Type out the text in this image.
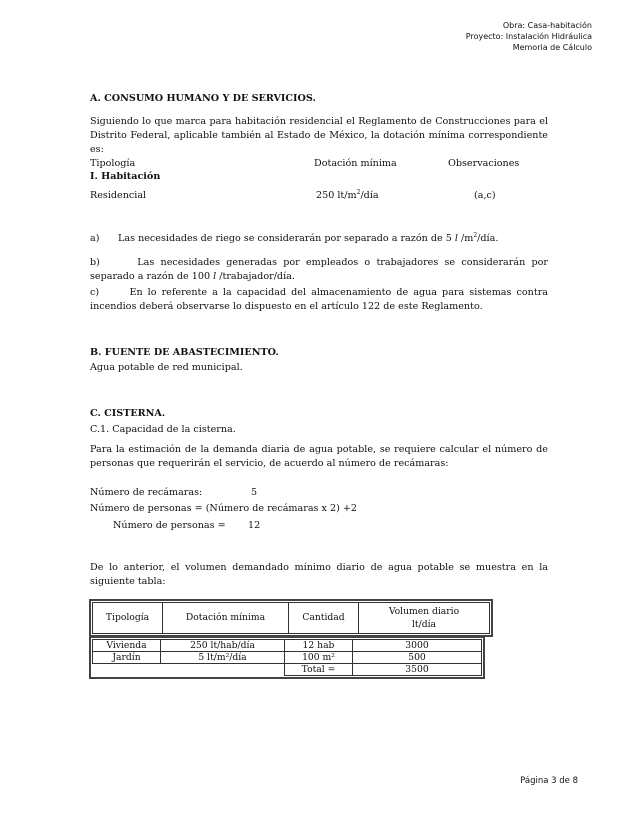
Obra: Casa-habitación
Proyecto: Instalación Hidráulica
Memoria de Cálculo
A. CONSUMO HUMANO Y DE SERVICIOS.
Siguiendo lo que marca para habitación residencial el Reglamento de Construcciones para el Distrito Federal, aplicable también al Estado de México, la dotación mínima correspondiente es:
Tipología	Dotación mínima	Observaciones
I. Habitación
Residencial	250 $lt/m^2$/día	(a,c)
a) Las necesidades de riego se considerarán por separado a razón de 5 l $/m^2$/día.
b)	Las necesidades generadas por empleados o trabajadores se considerarán por separado a razón de 100 l /trabajador/día.
c)	En lo referente a la capacidad del almacenamiento de agua para sistemas contra incendios deberá observarse lo dispuesto en el artículo 122 de este Reglamento.
B. FUENTE DE ABASTECIMIENTO.
Agua potable de red municipal.
C. CISTERNA.
C.1. Capacidad de la cisterna.
Para la estimación de la demanda diaria de agua potable, se requiere calcular el número de personas que requerirán el servicio, de acuerdo al número de recámaras:
Número de recámaras:	5
Número de personas = (Número de recámaras x 2) +2
Número de personas = 12
De lo anterior, el volumen demandado mínimo diario de agua potable se muestra en la siguiente tabla:
Tipología	Dotación mínima	Cantidad	Volumen diario
lt/día
Vivienda	250 lt/hab/día	12 hab	3000
Jardín	5 lt/m²/día	100 m²	500
		Total =	3500
Página 3 de 8
